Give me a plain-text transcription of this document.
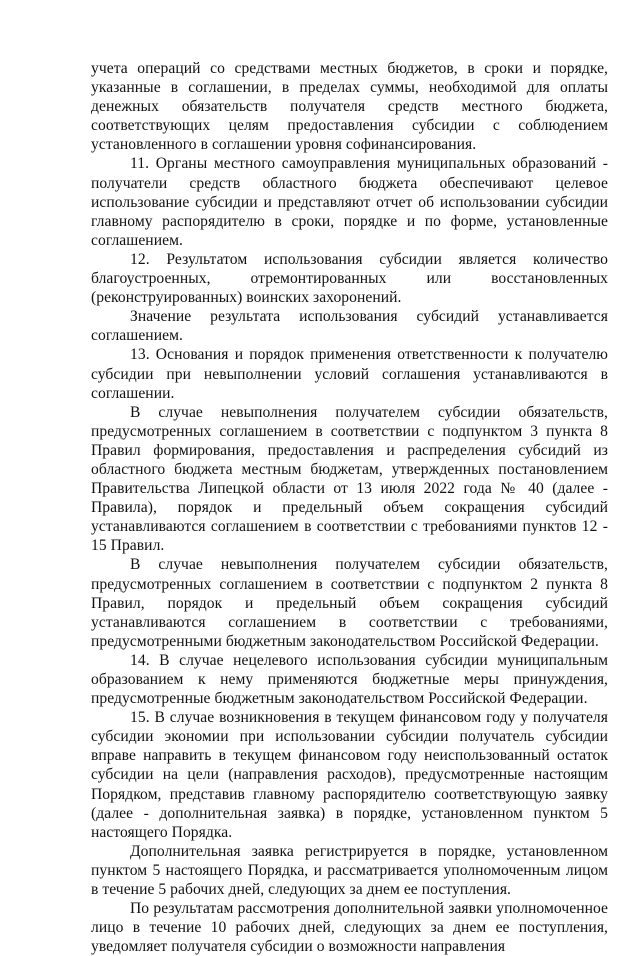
учета операций со средствами местных бюджетов, в сроки и порядке, указанные в соглашении, в пределах суммы, необходимой для оплаты денежных обязательств получателя средств местного бюджета, соответствующих целям предоставления субсидии с соблюдением установленного в соглашении уровня софинансирования.

11. Органы местного самоуправления муниципальных образований - получатели средств областного бюджета обеспечивают целевое использование субсидии и представляют отчет об использовании субсидии главному распорядителю в сроки, порядке и по форме, установленные соглашением.

12. Результатом использования субсидии является количество благоустроенных, отремонтированных или восстановленных (реконструированных) воинских захоронений.

Значение результата использования субсидий устанавливается соглашением.

13. Основания и порядок применения ответственности к получателю субсидии при невыполнении условий соглашения устанавливаются в соглашении.

В случае невыполнения получателем субсидии обязательств, предусмотренных соглашением в соответствии с подпунктом 3 пункта 8 Правил формирования, предоставления и распределения субсидий из областного бюджета местным бюджетам, утвержденных постановлением Правительства Липецкой области от 13 июля 2022 года № 40 (далее - Правила), порядок и предельный объем сокращения субсидий устанавливаются соглашением в соответствии с требованиями пунктов 12 - 15 Правил.

В случае невыполнения получателем субсидии обязательств, предусмотренных соглашением в соответствии с подпунктом 2 пункта 8 Правил, порядок и предельный объем сокращения субсидий устанавливаются соглашением в соответствии с требованиями, предусмотренными бюджетным законодательством Российской Федерации.

14. В случае нецелевого использования субсидии муниципальным образованием к нему применяются бюджетные меры принуждения, предусмотренные бюджетным законодательством Российской Федерации.

15. В случае возникновения в текущем финансовом году у получателя субсидии экономии при использовании субсидии получатель субсидии вправе направить в текущем финансовом году неиспользованный остаток субсидии на цели (направления расходов), предусмотренные настоящим Порядком, представив главному распорядителю соответствующую заявку (далее - дополнительная заявка) в порядке, установленном пунктом 5 настоящего Порядка.

Дополнительная заявка регистрируется в порядке, установленном пунктом 5 настоящего Порядка, и рассматривается уполномоченным лицом в течение 5 рабочих дней, следующих за днем ее поступления.

По результатам рассмотрения дополнительной заявки уполномоченное лицо в течение 10 рабочих дней, следующих за днем ее поступления, уведомляет получателя субсидии о возможности направления
